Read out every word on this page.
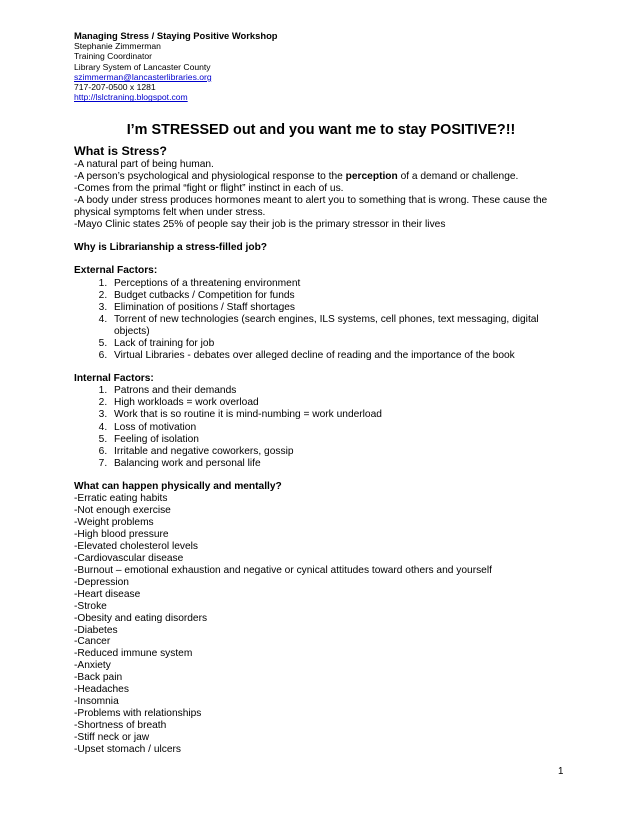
Managing Stress / Staying Positive Workshop
Stephanie Zimmerman
Training Coordinator
Library System of Lancaster County
szimmerman@lancasterlibraries.org
717-207-0500 x 1281
http://lslctraning.blogspot.com
I’m STRESSED out and you want me to stay POSITIVE?!!
What is Stress?

-A natural part of being human.

-A person’s psychological and physiological response to the perception of a demand or challenge.

-Comes from the primal “fight or flight” instinct in each of us.

-A body under stress produces hormones meant to alert you to something that is wrong. These cause the physical symptoms felt when under stress.

-Mayo Clinic states 25% of people say their job is the primary stressor in their lives

Why is Librarianship a stress-filled job?
External Factors:
1. Perceptions of a threatening environment
2. Budget cutbacks / Competition for funds
3. Elimination of positions / Staff shortages
4. Torrent of new technologies (search engines, ILS systems, cell phones, text messaging, digital objects)
5. Lack of training for job
6. Virtual Libraries - debates over alleged decline of reading and the importance of the book
Internal Factors:
1. Patrons and their demands
2. High workloads = work overload
3. Work that is so routine it is mind-numbing = work underload
4. Loss of motivation
5. Feeling of isolation
6. Irritable and negative coworkers, gossip
7. Balancing work and personal life
What can happen physically and mentally?

-Erratic eating habits

-Not enough exercise

-Weight problems

-High blood pressure

-Elevated cholesterol levels

-Cardiovascular disease

-Burnout – emotional exhaustion and negative or cynical attitudes toward others and yourself

-Depression

-Heart disease

-Stroke

-Obesity and eating disorders

-Diabetes

-Cancer

-Reduced immune system

-Anxiety

-Back pain

-Headaches

-Insomnia

-Problems with relationships

-Shortness of breath

-Stiff neck or jaw

-Upset stomach / ulcers

1
